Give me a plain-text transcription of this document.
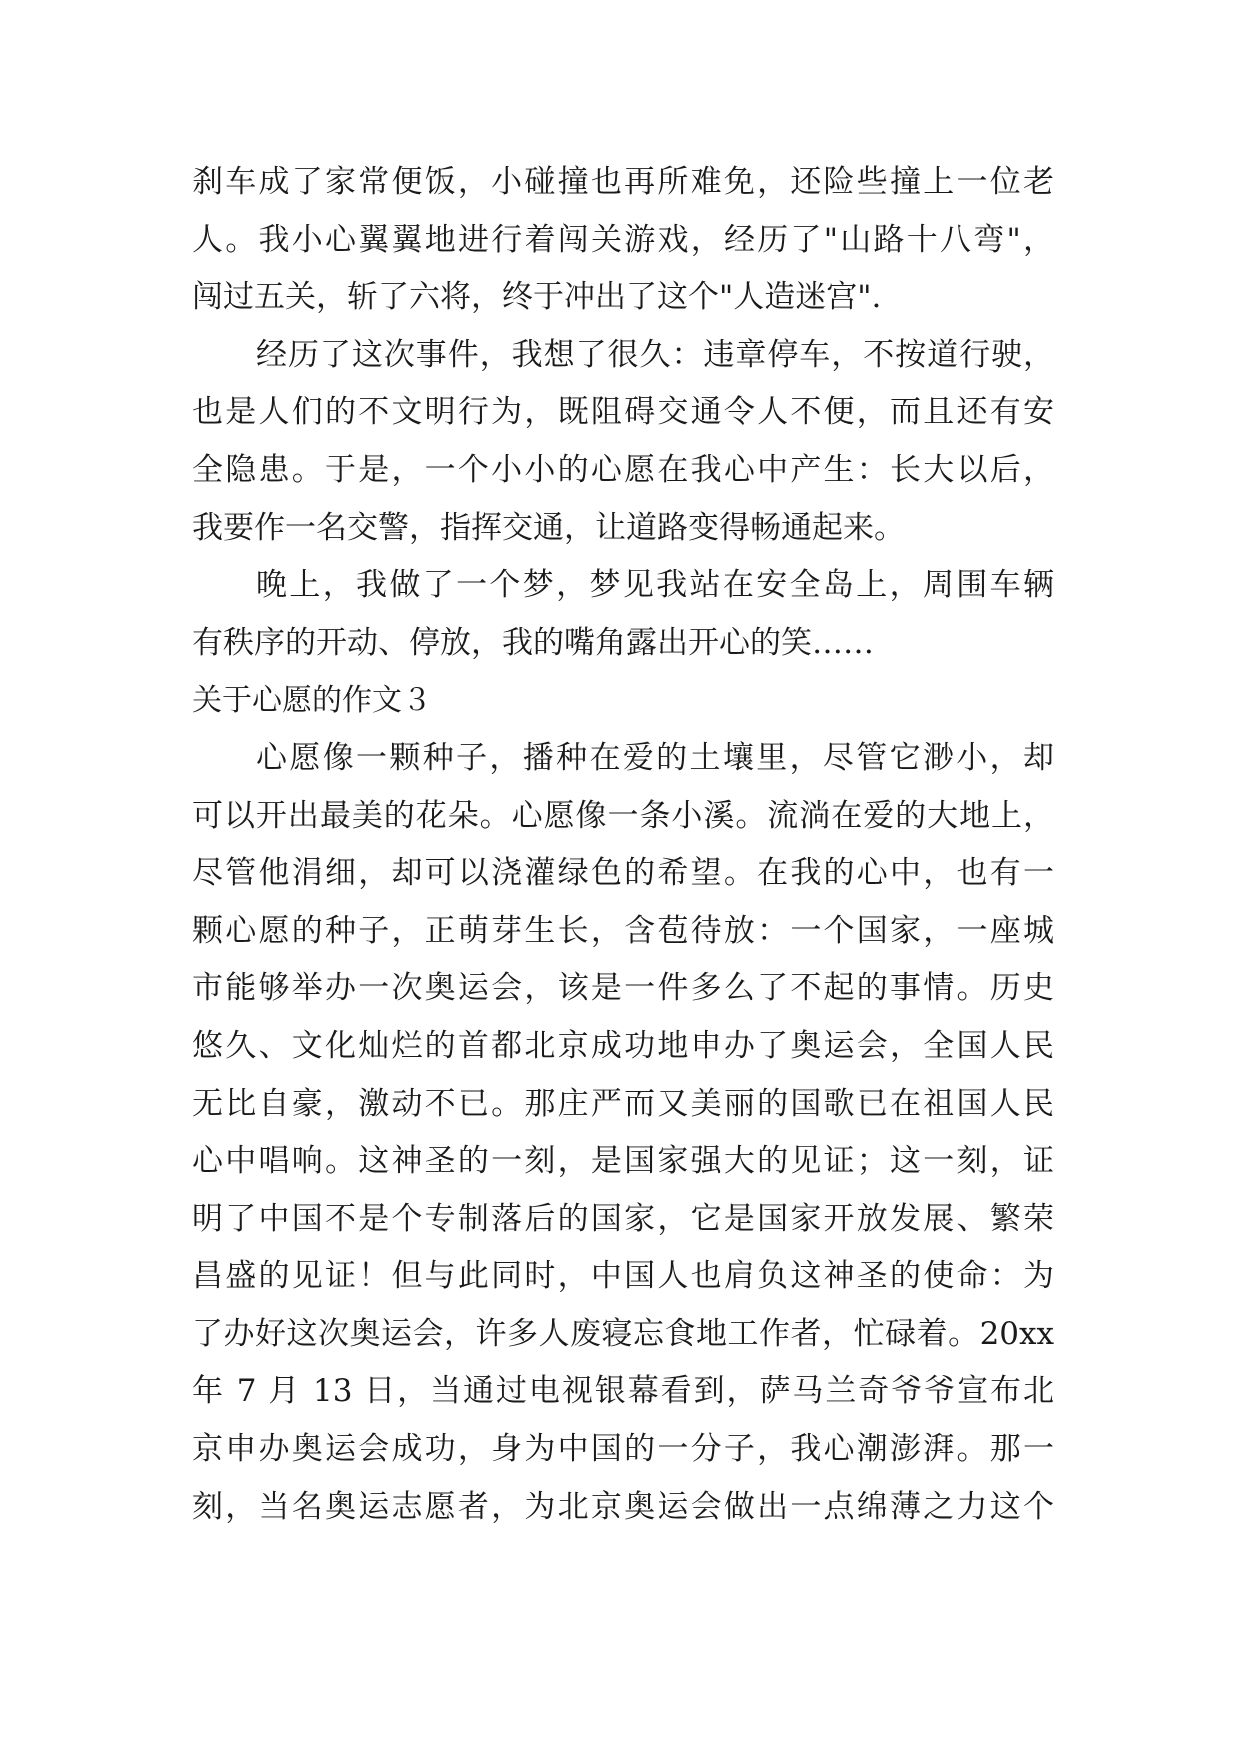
刹车成了家常便饭，小碰撞也再所难免，还险些撞上一位老
人。我小心翼翼地进行着闯关游戏，经历了"山路十八弯"，
闯过五关，斩了六将，终于冲出了这个"人造迷宫".
经历了这次事件，我想了很久：违章停车，不按道行驶，
也是人们的不文明行为，既阻碍交通令人不便，而且还有安
全隐患。于是，一个小小的心愿在我心中产生：长大以后，
我要作一名交警，指挥交通，让道路变得畅通起来。
晚上，我做了一个梦，梦见我站在安全岛上，周围车辆
有秩序的开动、停放，我的嘴角露出开心的笑……
关于心愿的作文３
心愿像一颗种子，播种在爱的土壤里，尽管它渺小，却
可以开出最美的花朵。心愿像一条小溪。流淌在爱的大地上，
尽管他涓细，却可以浇灌绿色的希望。在我的心中，也有一
颗心愿的种子，正萌芽生长，含苞待放：一个国家，一座城
市能够举办一次奥运会，该是一件多么了不起的事情。历史
悠久、文化灿烂的首都北京成功地申办了奥运会，全国人民
无比自豪，激动不已。那庄严而又美丽的国歌已在祖国人民
心中唱响。这神圣的一刻，是国家强大的见证；这一刻，证
明了中国不是个专制落后的国家，它是国家开放发展、繁荣
昌盛的见证！但与此同时，中国人也肩负这神圣的使命：为
了办好这次奥运会，许多人废寝忘食地工作者，忙碌着。20xx
年 7 月 13 日，当通过电视银幕看到，萨马兰奇爷爷宣布北
京申办奥运会成功，身为中国的一分子，我心潮澎湃。那一
刻，当名奥运志愿者，为北京奥运会做出一点绵薄之力这个
